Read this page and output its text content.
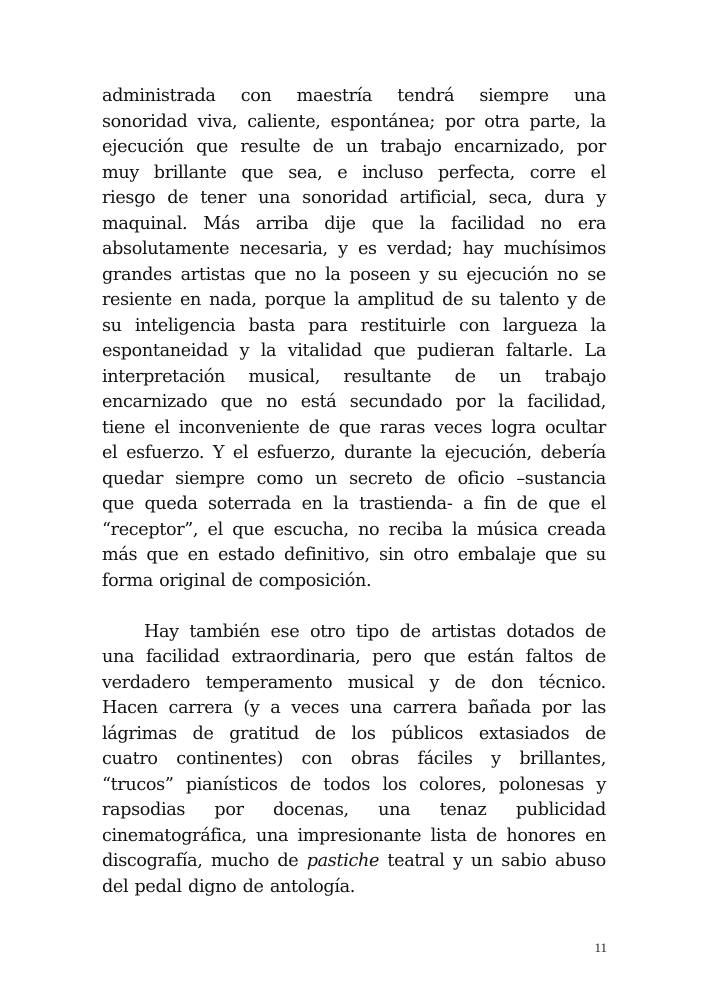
administrada con maestría tendrá siempre una
sonoridad viva, caliente, espontánea; por otra parte, la
ejecución que resulte de un trabajo encarnizado, por
muy brillante que sea, e incluso perfecta, corre el
riesgo de tener una sonoridad artificial, seca, dura y
maquinal. Más arriba dije que la facilidad no era
absolutamente necesaria, y es verdad; hay muchísimos
grandes artistas que no la poseen y su ejecución no se
resiente en nada, porque la amplitud de su talento y de
su inteligencia basta para restituirle con largueza la
espontaneidad y la vitalidad que pudieran faltarle. La
interpretación musical, resultante de un trabajo
encarnizado que no está secundado por la facilidad,
tiene el inconveniente de que raras veces logra ocultar
el esfuerzo. Y el esfuerzo, durante la ejecución, debería
quedar siempre como un secreto de oficio –sustancia
que queda soterrada en la trastienda- a fin de que el
“receptor”, el que escucha, no reciba la música creada
más que en estado definitivo, sin otro embalaje que su
forma original de composición.
Hay también ese otro tipo de artistas dotados de
una facilidad extraordinaria, pero que están faltos de
verdadero temperamento musical y de don técnico.
Hacen carrera (y a veces una carrera bañada por las
lágrimas de gratitud de los públicos extasiados de
cuatro continentes) con obras fáciles y brillantes,
“trucos” pianísticos de todos los colores, polonesas y
rapsodias por docenas, una tenaz publicidad
cinematográfica, una impresionante lista de honores en
discografía, mucho de pastiche teatral y un sabio abuso
del pedal digno de antología.
11
